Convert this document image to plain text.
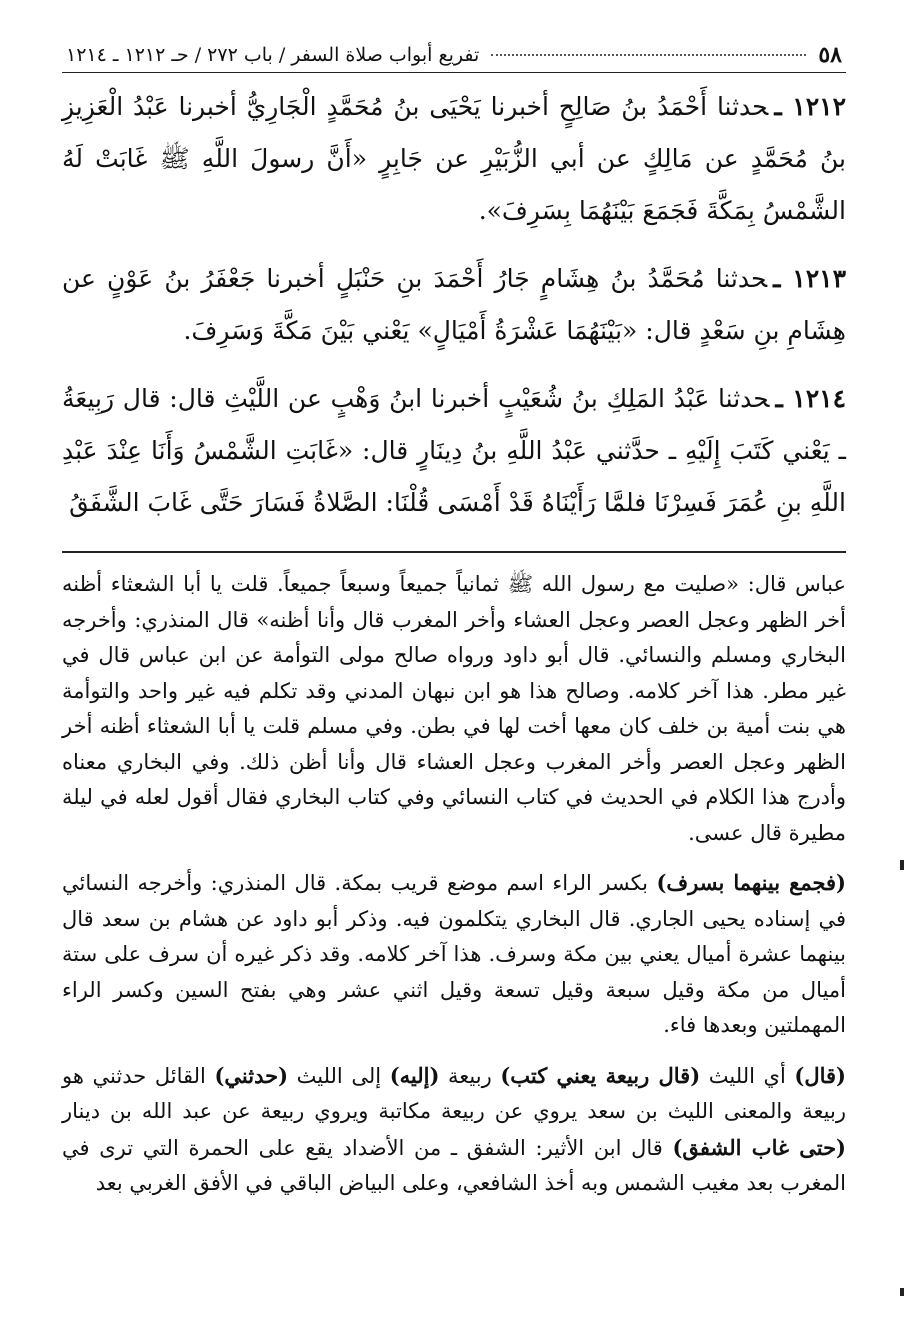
٥٨
تفريع أبواب صلاة السفر / باب ٢٧٢ / حـ ١٢١٢ ـ ١٢١٤

١٢١٢ ـحدثنا أَحْمَدُ بنُ صَالِحٍ أخبرنا يَحْيَى بنُ مُحَمَّدٍ الْجَارِيُّ أخبرنا عَبْدُ الْعَزِيزِ بنُ مُحَمَّدٍ عن مَالِكٍ عن أبي الزُّبَيْرِ عن جَابِرٍ «أَنَّ رسولَ اللَّهِ ﷺ غَابَتْ لَهُ الشَّمْسُ بِمَكَّةَ فَجَمَعَ بَيْنَهُمَا بِسَرِفَ».

١٢١٣ ـحدثنا مُحَمَّدُ بنُ هِشَامٍ جَارُ أَحْمَدَ بنِ حَنْبَلٍ أخبرنا جَعْفَرُ بنُ عَوْنٍ عن هِشَامِ بنِ سَعْدٍ قال: «بَيْنَهُمَا عَشْرَةُ أَمْيَالٍ» يَعْني بَيْنَ مَكَّةَ وَسَرِفَ.

١٢١٤ ـحدثنا عَبْدُ المَلِكِ بنُ شُعَيْبٍ أخبرنا ابنُ وَهْبٍ عن اللَّيْثِ قال: قال رَبِيعَةُ ـ يَعْني كَتَبَ إِلَيْهِ ـ حدَّثني عَبْدُ اللَّهِ بنُ دِينَارٍ قال: «غَابَتِ الشَّمْسُ وَأَنَا عِنْدَ عَبْدِ اللَّهِ بنِ عُمَرَ فَسِرْنَا فلمَّا رَأَيْنَاهُ قَدْ أَمْسَى قُلْنَا: الصَّلاةُ فَسَارَ حَتَّى غَابَ الشَّفَقُ

عباس قال: «صليت مع رسول الله ﷺ ثمانياً جميعاً وسبعاً جميعاً. قلت يا أبا الشعثاء أظنه أخر الظهر وعجل العصر وعجل العشاء وأخر المغرب قال وأنا أظنه» قال المنذري: وأخرجه البخاري ومسلم والنسائي. قال أبو داود ورواه صالح مولى التوأمة عن ابن عباس قال في غير مطر. هذا آخر كلامه. وصالح هذا هو ابن نبهان المدني وقد تكلم فيه غير واحد والتوأمة هي بنت أمية بن خلف كان معها أخت لها في بطن. وفي مسلم قلت يا أبا الشعثاء أظنه أخر الظهر وعجل العصر وأخر المغرب وعجل العشاء قال وأنا أظن ذلك. وفي البخاري معناه وأدرج هذا الكلام في الحديث في كتاب النسائي وفي كتاب البخاري فقال أقول لعله في ليلة مطيرة قال عسى.

(فجمع بينهما بسرف) بكسر الراء اسم موضع قريب بمكة. قال المنذري: وأخرجه النسائي في إسناده يحيى الجاري. قال البخاري يتكلمون فيه. وذكر أبو داود عن هشام بن سعد قال بينهما عشرة أميال يعني بين مكة وسرف. هذا آخر كلامه. وقد ذكر غيره أن سرف على ستة أميال من مكة وقيل سبعة وقيل تسعة وقيل اثني عشر وهي بفتح السين وكسر الراء المهملتين وبعدها فاء.

(قال) أي الليث (قال ربيعة يعني كتب) ربيعة (إليه) إلى الليث (حدثني) القائل حدثني هو ربيعة والمعنى الليث بن سعد يروي عن ربيعة مكاتبة ويروي ربيعة عن عبد الله بن دينار (حتى غاب الشفق) قال ابن الأثير: الشفق ـ من الأضداد يقع على الحمرة التي ترى في المغرب بعد مغيب الشمس وبه أخذ الشافعي، وعلى البياض الباقي في الأفق الغربي بعد
